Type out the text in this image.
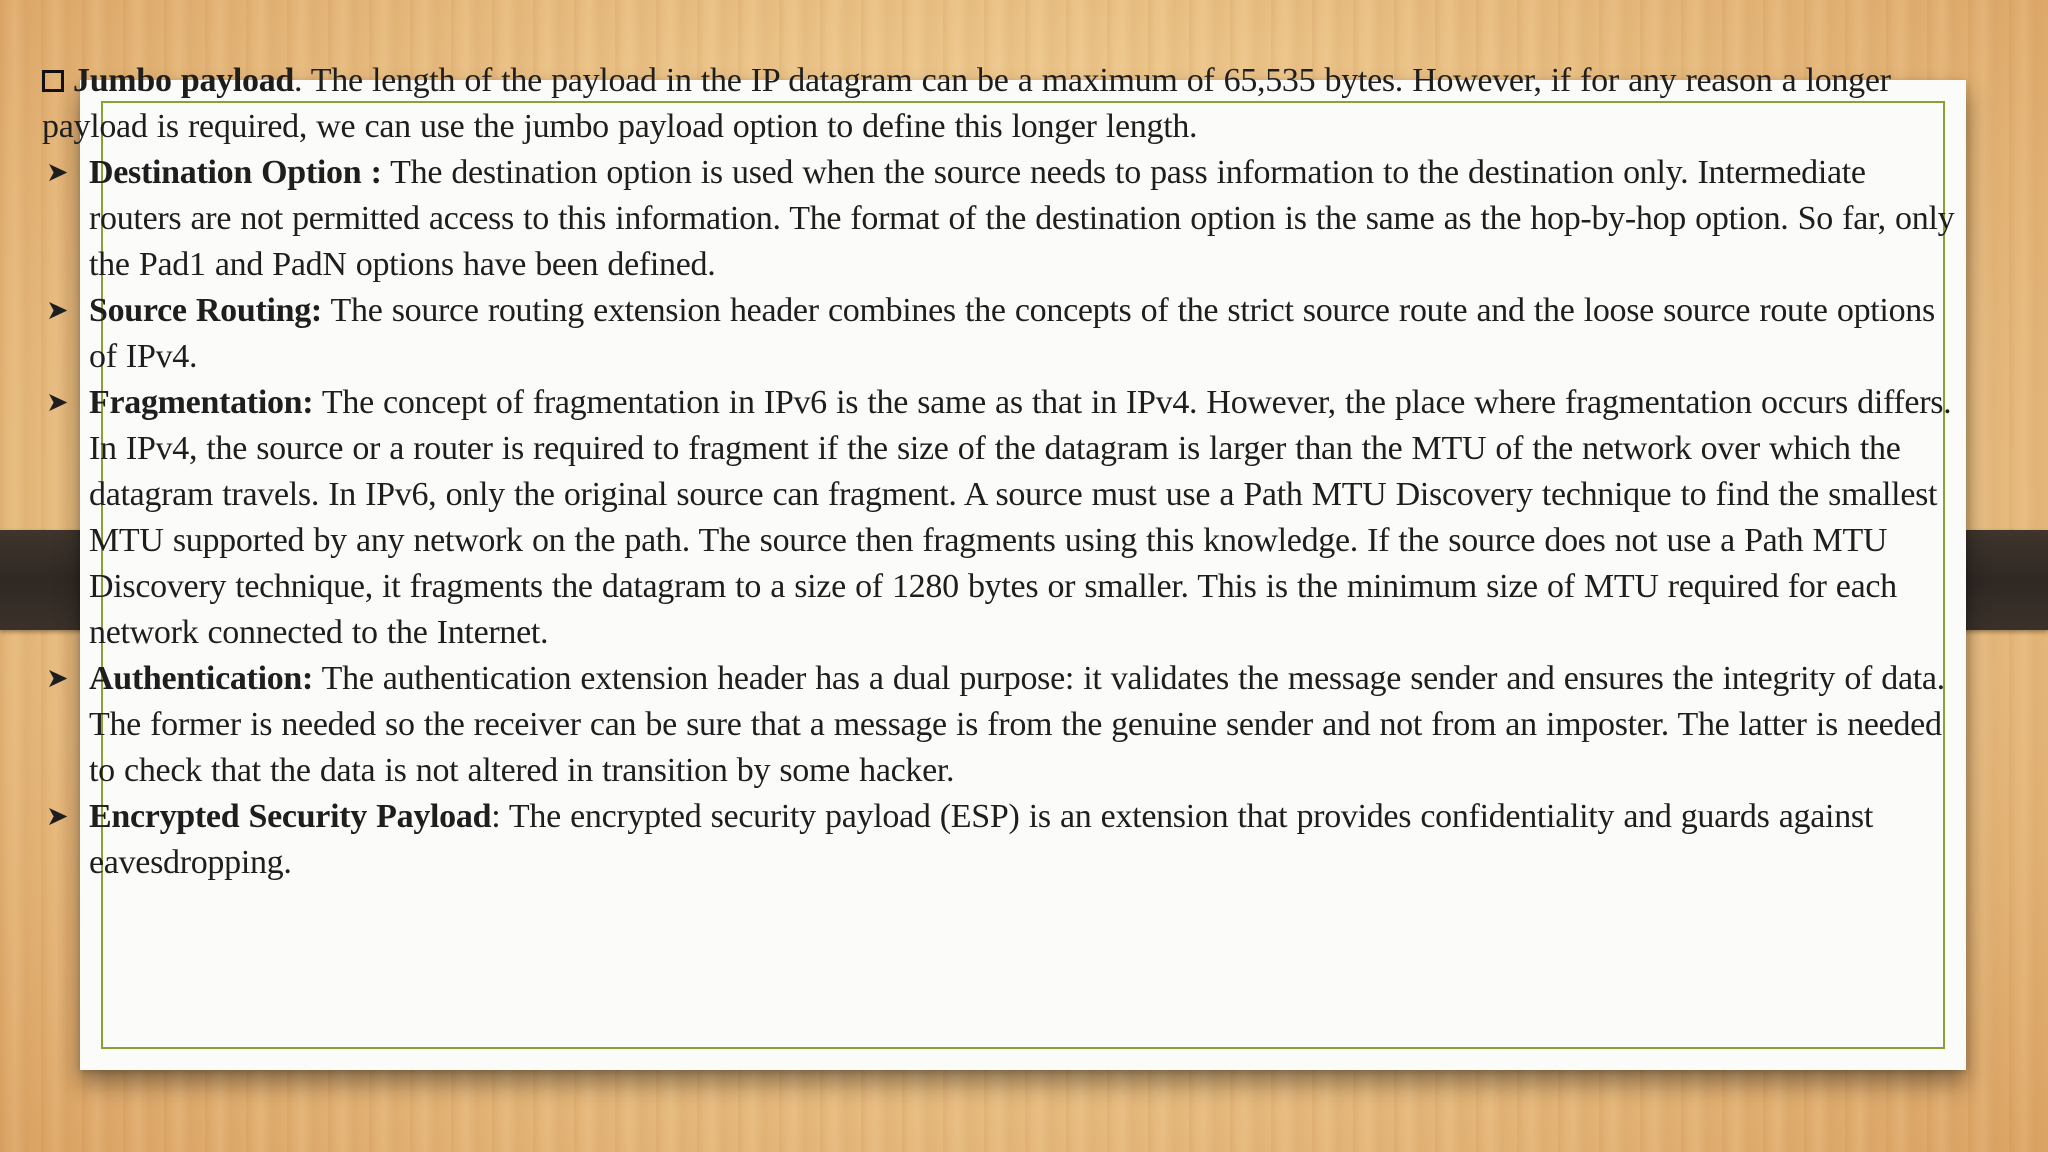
Jumbo payload. The length of the payload in the IP datagram can be a maximum of 65,535 bytes. However, if for any reason a longer payload is required, we can use the jumbo payload option to define this longer length.

➤ Destination Option : The destination option is used when the source needs to pass information to the destination only. Intermediate routers are not permitted access to this information. The format of the destination option is the same as the hop-by-hop option. So far, only the Pad1 and PadN options have been defined.
➤ Source Routing: The source routing extension header combines the concepts of the strict source route and the loose source route options of IPv4.
➤ Fragmentation: The concept of fragmentation in IPv6 is the same as that in IPv4. However, the place where fragmentation occurs differs. In IPv4, the source or a router is required to fragment if the size of the datagram is larger than the MTU of the network over which the datagram travels. In IPv6, only the original source can fragment. A source must use a Path MTU Discovery technique to find the smallest MTU supported by any network on the path. The source then fragments using this knowledge. If the source does not use a Path MTU Discovery technique, it fragments the datagram to a size of 1280 bytes or smaller. This is the minimum size of MTU required for each network connected to the Internet.
➤ Authentication: The authentication extension header has a dual purpose: it validates the message sender and ensures the integrity of data. The former is needed so the receiver can be sure that a message is from the genuine sender and not from an imposter. The latter is needed to check that the data is not altered in transition by some hacker.
➤ Encrypted Security Payload: The encrypted security payload (ESP) is an extension that provides confidentiality and guards against eavesdropping.
